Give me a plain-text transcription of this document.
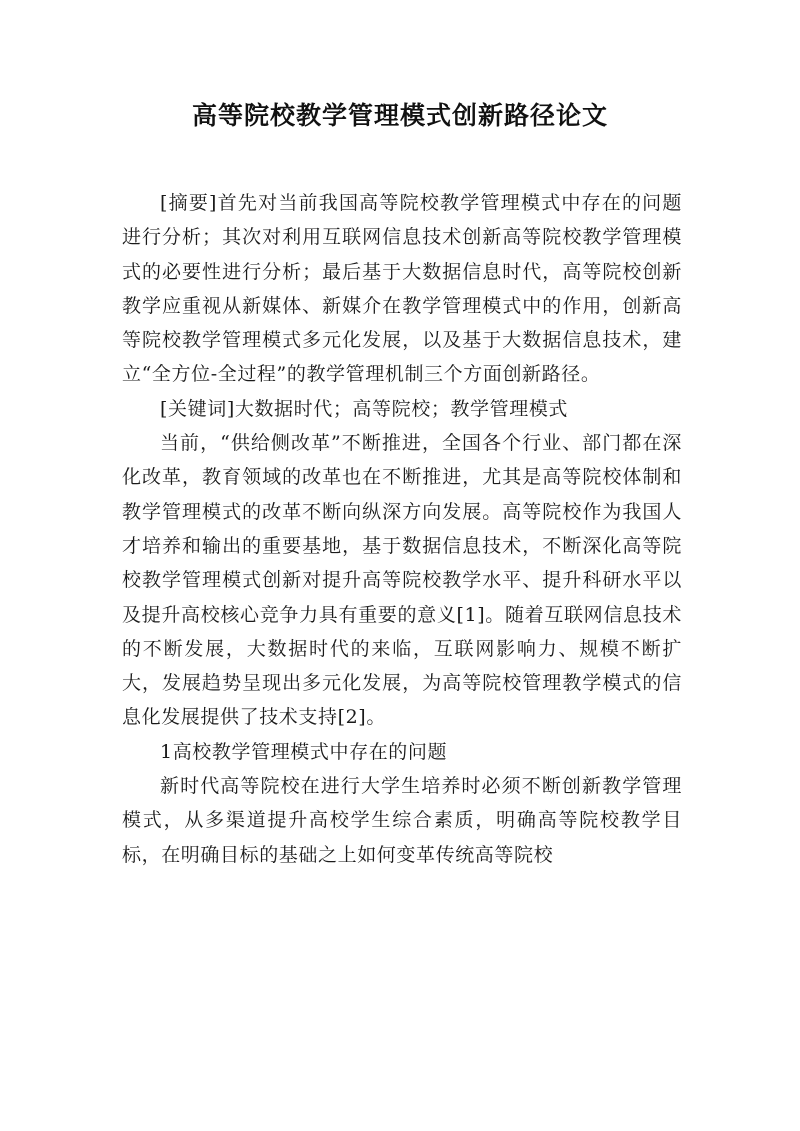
高等院校教学管理模式创新路径论文

[摘要]首先对当前我国高等院校教学管理模式中存在的问题进行分析；其次对利用互联网信息技术创新高等院校教学管理模式的必要性进行分析；最后基于大数据信息时代，高等院校创新教学应重视从新媒体、新媒介在教学管理模式中的作用，创新高等院校教学管理模式多元化发展，以及基于大数据信息技术，建立“全方位-全过程”的教学管理机制三个方面创新路径。

[关键词]大数据时代；高等院校；教学管理模式

当前，“供给侧改革”不断推进，全国各个行业、部门都在深化改革，教育领域的改革也在不断推进，尤其是高等院校体制和教学管理模式的改革不断向纵深方向发展。高等院校作为我国人才培养和输出的重要基地，基于数据信息技术，不断深化高等院校教学管理模式创新对提升高等院校教学水平、提升科研水平以及提升高校核心竞争力具有重要的意义[1]。随着互联网信息技术的不断发展，大数据时代的来临，互联网影响力、规模不断扩大，发展趋势呈现出多元化发展，为高等院校管理教学模式的信息化发展提供了技术支持[2]。

1高校教学管理模式中存在的问题

新时代高等院校在进行大学生培养时必须不断创新教学管理模式，从多渠道提升高校学生综合素质，明确高等院校教学目标，在明确目标的基础之上如何变革传统高等院校
